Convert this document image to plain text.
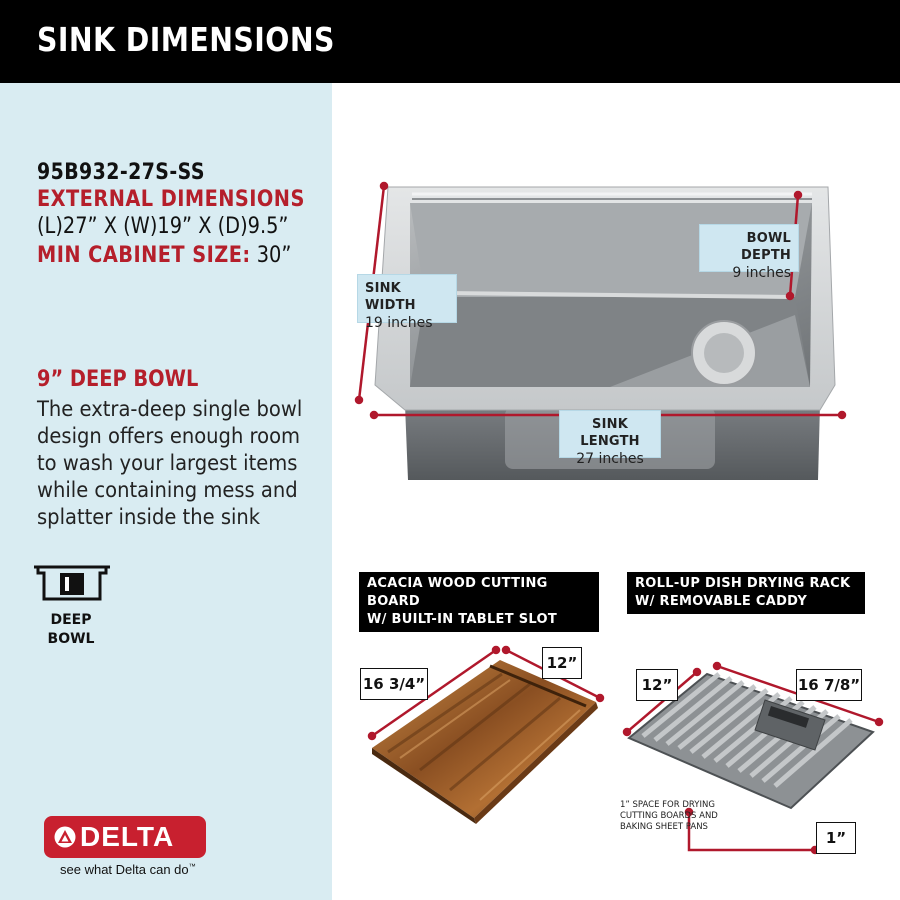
SINK DIMENSIONS
95B932-27S-SS
EXTERNAL DIMENSIONS
(L)27” X (W)19” X (D)9.5”
MIN CABINET SIZE: 30”
9” DEEP BOWL
The extra-deep single bowl
design offers enough room
to wash your largest items
while containing mess and
splatter inside the sink
DEEP
BOWL
DELTA
see what Delta can do™
SINK WIDTH
19 inches
BOWL DEPTH
9 inches
SINK LENGTH
27 inches
ACACIA WOOD CUTTING BOARD
W/ BUILT-IN TABLET SLOT
16 3/4”
12”
ROLL-UP DISH DRYING RACK
W/ REMOVABLE CADDY
12”	16 7/8”
1”
1” SPACE FOR DRYING
CUTTING BOARDS AND
BAKING SHEET PANS
